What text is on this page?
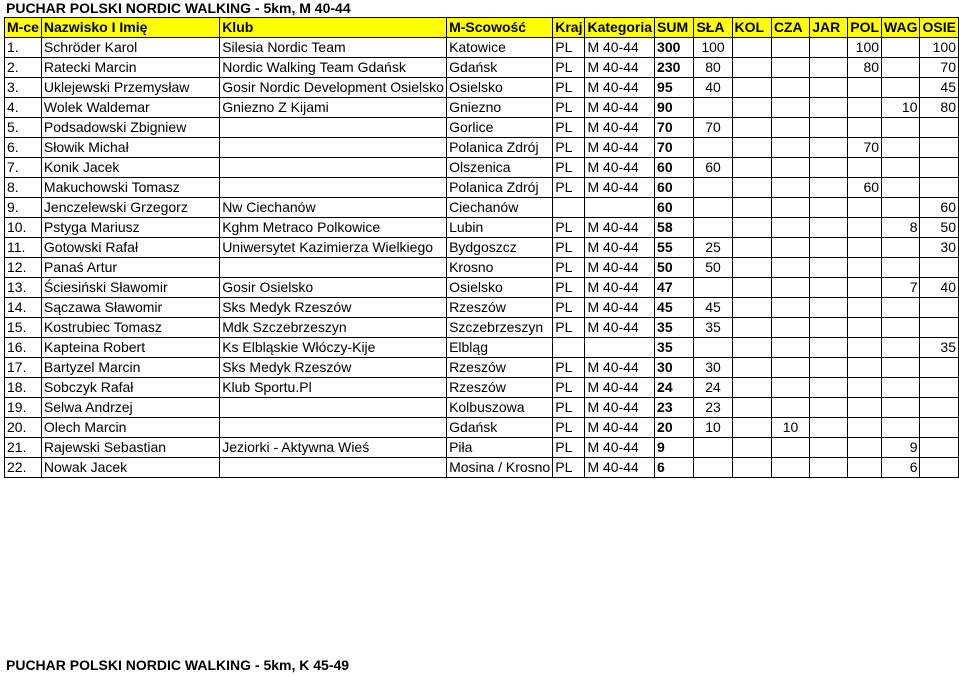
PUCHAR POLSKI NORDIC WALKING - 5km, M 40-44
M-ce	Nazwisko I Imię	Klub	M-Scowość	Kraj	Kategoria	SUM	SŁA	KOL	CZA	JAR	POL	WAG	OSIE
1.	Schröder Karol	Silesia Nordic Team	Katowice	PL	M 40-44	300	100				100		100
2.	Ratecki Marcin	Nordic Walking Team Gdańsk	Gdańsk	PL	M 40-44	230	80				80		70
3.	Uklejewski Przemysław	Gosir Nordic Development Osielsko	Osielsko	PL	M 40-44	95	40						45
4.	Wolek Waldemar	Gniezno Z Kijami	Gniezno	PL	M 40-44	90						10	80
5.	Podsadowski Zbigniew		Gorlice	PL	M 40-44	70	70						
6.	Słowik Michał		Polanica Zdrój	PL	M 40-44	70					70		
7.	Konik Jacek		Olszenica	PL	M 40-44	60	60						
8.	Makuchowski Tomasz		Polanica Zdrój	PL	M 40-44	60					60		
9.	Jenczelewski Grzegorz	Nw Ciechanów	Ciechanów			60							60
10.	Pstyga Mariusz	Kghm Metraco Polkowice	Lubin	PL	M 40-44	58						8	50
11.	Gotowski Rafał	Uniwersytet Kazimierza Wielkiego	Bydgoszcz	PL	M 40-44	55	25						30
12.	Panaś Artur		Krosno	PL	M 40-44	50	50						
13.	Ściesiński Sławomir	Gosir Osielsko	Osielsko	PL	M 40-44	47						7	40
14.	Sączawa Sławomir	Sks Medyk Rzeszów	Rzeszów	PL	M 40-44	45	45						
15.	Kostrubiec Tomasz	Mdk Szczebrzeszyn	Szczebrzeszyn	PL	M 40-44	35	35						
16.	Kapteina Robert	Ks Elbląskie Włóczy-Kije	Elbląg			35							35
17.	Bartyzel Marcin	Sks Medyk Rzeszów	Rzeszów	PL	M 40-44	30	30						
18.	Sobczyk Rafał	Klub Sportu.Pl	Rzeszów	PL	M 40-44	24	24						
19.	Selwa Andrzej		Kolbuszowa	PL	M 40-44	23	23						
20.	Olech Marcin		Gdańsk	PL	M 40-44	20	10		10				
21.	Rajewski Sebastian	Jeziorki - Aktywna Wieś	Piła	PL	M 40-44	9						9	
22.	Nowak Jacek		Mosina / Krosno	PL	M 40-44	6						6	
PUCHAR POLSKI NORDIC WALKING - 5km, K 45-49
